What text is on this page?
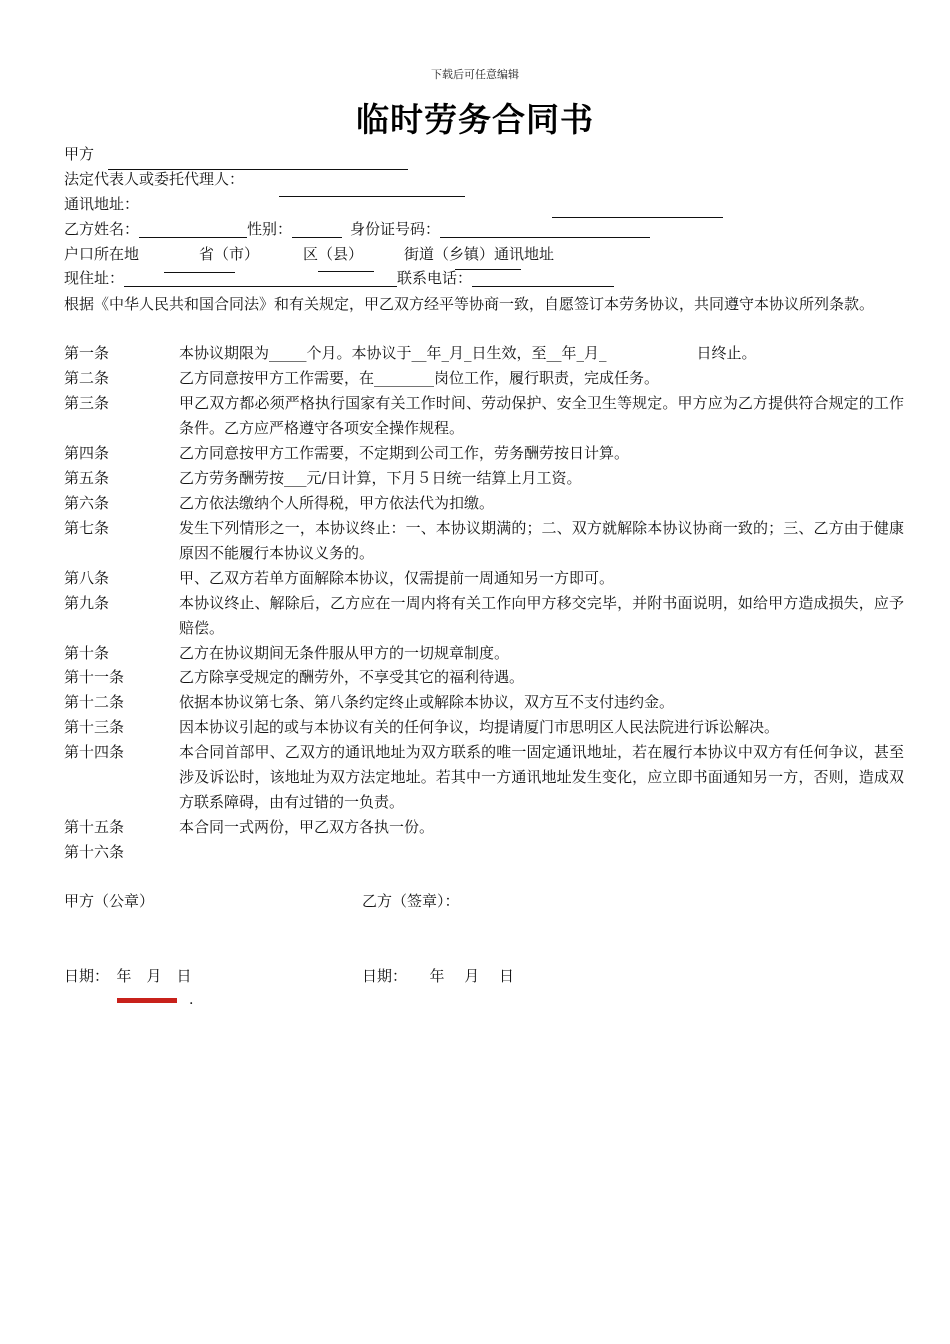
下载后可任意编辑
临时劳务合同书
甲方
法定代表人或委托代理人：
通讯地址：
乙方姓名：	性别：	身份证号码：
户口所在地	省（市）	区（县）	街道（乡镇）通讯地址
现住址：	联系电话：
根据《中华人民共和国合同法》和有关规定，甲乙双方经平等协商一致，自愿签订本劳务协议，共同遵守本协议所列条款。
第一条	本协议期限为_____个月。本协议于__年_月_日生效，至__年_月_　　　　　　日终止。
第二条	乙方同意按甲方工作需要，在________岗位工作，履行职责，完成任务。
第三条	甲乙双方都必须严格执行国家有关工作时间、劳动保护、安全卫生等规定。甲方应为乙方提供符合规定的工作条件。乙方应严格遵守各项安全操作规程。
第四条	乙方同意按甲方工作需要，不定期到公司工作，劳务酬劳按日计算。
第五条	乙方劳务酬劳按___元/日计算，下月５日统一结算上月工资。
第六条	乙方依法缴纳个人所得税，甲方依法代为扣缴。
第七条	发生下列情形之一，本协议终止：一、本协议期满的；二、双方就解除本协议协商一致的；三、乙方由于健康原因不能履行本协议义务的。
第八条	甲、乙双方若单方面解除本协议，仅需提前一周通知另一方即可。
第九条	本协议终止、解除后，乙方应在一周内将有关工作向甲方移交完毕，并附书面说明，如给甲方造成损失，应予赔偿。
第十条	乙方在协议期间无条件服从甲方的一切规章制度。
第十一条	乙方除享受规定的酬劳外，不享受其它的福利待遇。
第十二条	依据本协议第七条、第八条约定终止或解除本协议，双方互不支付违约金。
第十三条	因本协议引起的或与本协议有关的任何争议，均提请厦门市思明区人民法院进行诉讼解决。
第十四条	本合同首部甲、乙双方的通讯地址为双方联系的唯一固定通讯地址，若在履行本协议中双方有任何争议，甚至涉及诉讼时，该地址为双方法定地址。若其中一方通讯地址发生变化，应立即书面通知另一方，否则，造成双方联系障碍，由有过错的一负责。
第十五条	本合同一式两份，甲乙双方各执一份。
第十六条
甲方（公章）	乙方（签章）：
日期：　年　月　日	日期：　　年　 月 　日
.
